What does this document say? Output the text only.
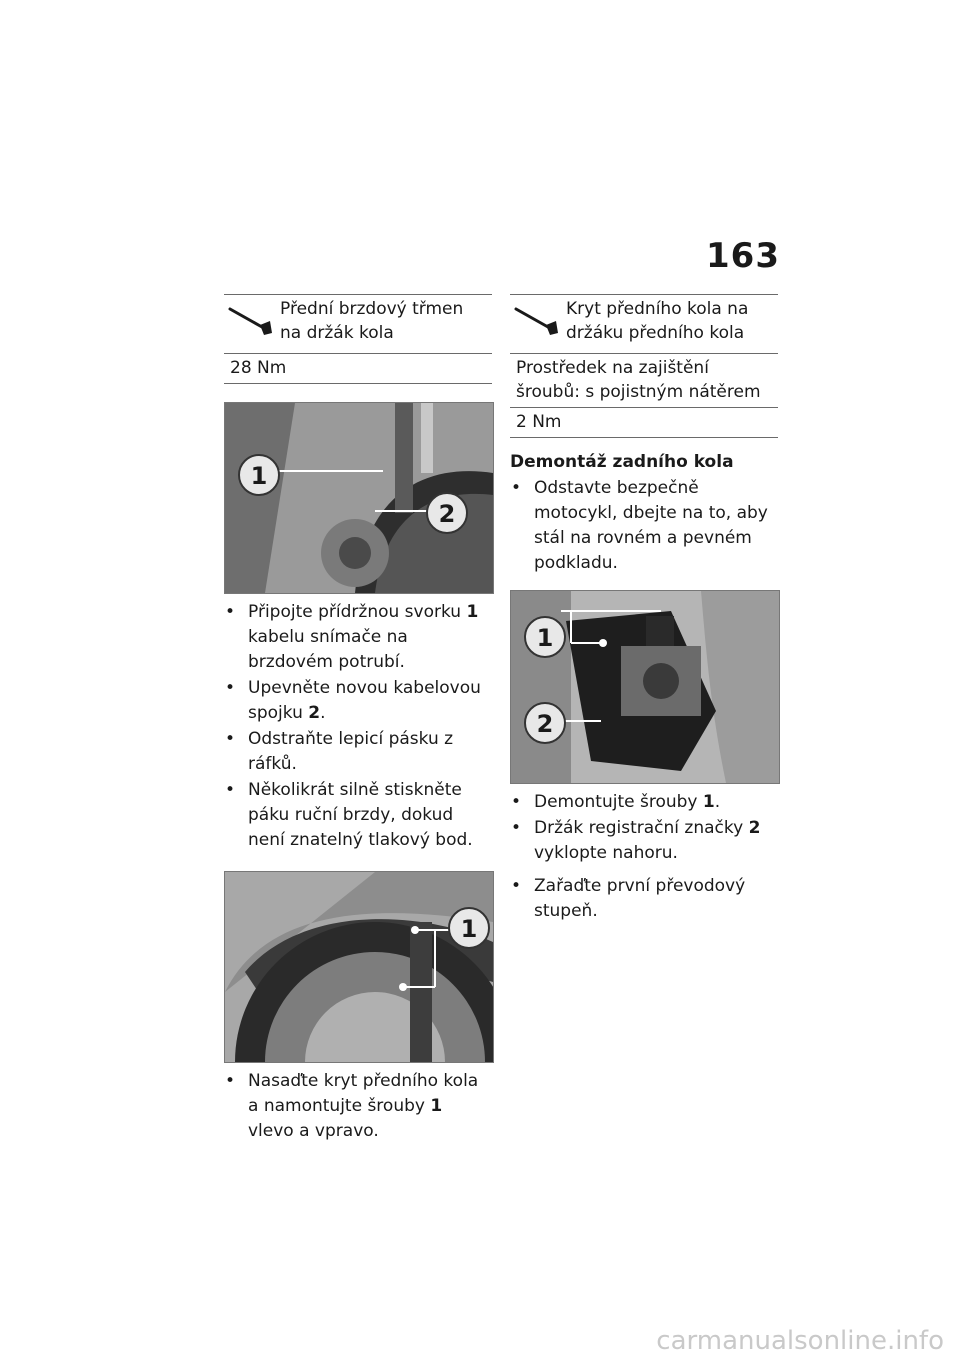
163
Přední brzdový třmen na držák kola
28 Nm
1
2
• Připojte přídržnou svorku 1 kabelu snímače na brzdovém potrubí.
• Upevněte novou kabelovou spojku 2.
• Odstraňte lepicí pásku z ráfků.
• Několikrát silně stiskněte páku ruční brzdy, dokud není znatelný tlakový bod.
1
• Nasaďte kryt předního kola a namontujte šrouby 1 vlevo a vpravo.
Kryt předního kola na držáku předního kola
Prostředek na zajištění šroubů: s pojistným nátěrem
2 Nm
Demontáž zadního kola
• Odstavte bezpečně motocykl, dbejte na to, aby stál na rovném a pevném podkladu.
1
2
• Demontujte šrouby 1.
• Držák registrační značky 2 vyklopte nahoru.
• Zařaďte první převodový stupeň.
carmanualsonline.info
